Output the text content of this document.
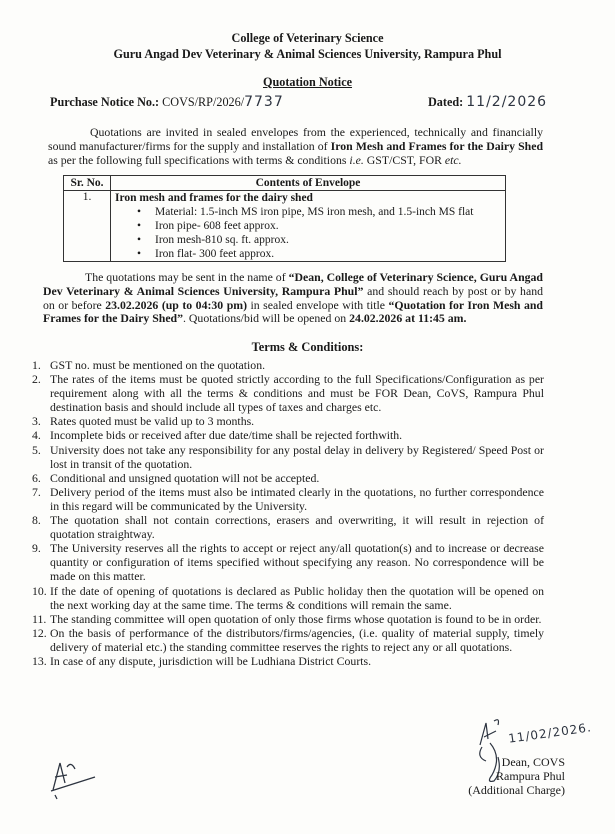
College of Veterinary Science
Guru Angad Dev Veterinary & Animal Sciences University, Rampura Phul
Quotation Notice
Purchase Notice No.: COVS/RP/2026/7737	Dated: 11/2/2026
Quotations are invited in sealed envelopes from the experienced, technically and financially sound manufacturer/firms for the supply and installation of Iron Mesh and Frames for the Dairy Shed as per the following full specifications with terms & conditions i.e. GST/CST, FOR etc.
Sr. No.	Contents of Envelope
1.	Iron mesh and frames for the dairy shed
• Material: 1.5-inch MS iron pipe, MS iron mesh, and 1.5-inch MS flat
• Iron pipe- 608 feet approx.
• Iron mesh-810 sq. ft. approx.
• Iron flat- 300 feet approx.
The quotations may be sent in the name of “Dean, College of Veterinary Science, Guru Angad Dev Veterinary & Animal Sciences University, Rampura Phul” and should reach by post or by hand on or before 23.02.2026 (up to 04:30 pm) in sealed envelope with title “Quotation for Iron Mesh and Frames for the Dairy Shed”. Quotations/bid will be opened on 24.02.2026 at 11:45 am.
Terms & Conditions:
1. GST no. must be mentioned on the quotation.
2. The rates of the items must be quoted strictly according to the full Specifications/Configuration as per requirement along with all the terms & conditions and must be FOR Dean, CoVS, Rampura Phul destination basis and should include all types of taxes and charges etc.
3. Rates quoted must be valid up to 3 months.
4. Incomplete bids or received after due date/time shall be rejected forthwith.
5. University does not take any responsibility for any postal delay in delivery by Registered/ Speed Post or lost in transit of the quotation.
6. Conditional and unsigned quotation will not be accepted.
7. Delivery period of the items must also be intimated clearly in the quotations, no further correspondence in this regard will be communicated by the University.
8. The quotation shall not contain corrections, erasers and overwriting, it will result in rejection of quotation straightway.
9. The University reserves all the rights to accept or reject any/all quotation(s) and to increase or decrease quantity or configuration of items specified without specifying any reason. No correspondence will be made on this matter.
10. If the date of opening of quotations is declared as Public holiday then the quotation will be opened on the next working day at the same time. The terms & conditions will remain the same.
11. The standing committee will open quotation of only those firms whose quotation is found to be in order.
12. On the basis of performance of the distributors/firms/agencies, (i.e. quality of material supply, timely delivery of material etc.) the standing committee reserves the rights to reject any or all quotations.
13. In case of any dispute, jurisdiction will be Ludhiana District Courts.
11/02/2026.
Dean, COVS
Rampura Phul
(Additional Charge)
